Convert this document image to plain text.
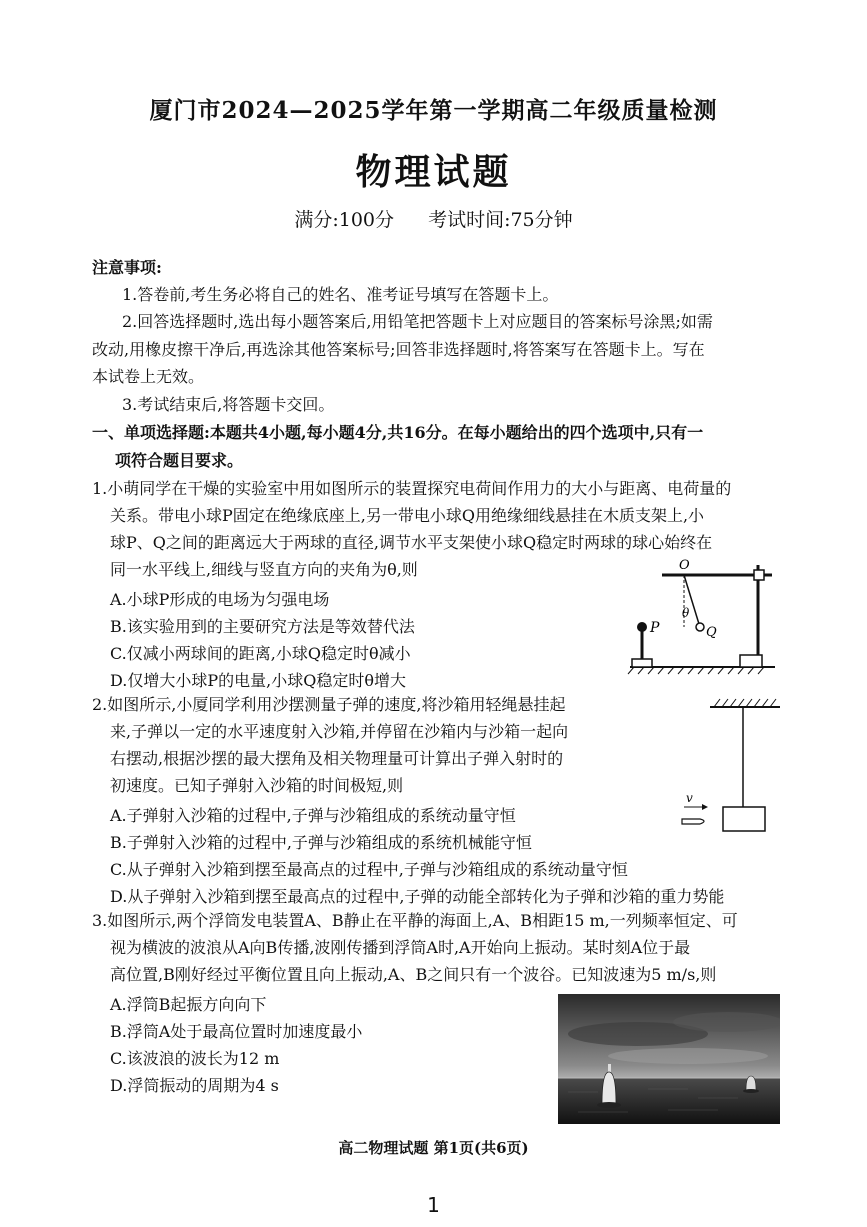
厦门市2024—2025学年第一学期高二年级质量检测
物理试题
满分:100分 考试时间:75分钟
注意事项:
1.答卷前,考生务必将自己的姓名、准考证号填写在答题卡上。
2.回答选择题时,选出每小题答案后,用铅笔把答题卡上对应题目的答案标号涂黑;如需
改动,用橡皮擦干净后,再选涂其他答案标号;回答非选择题时,将答案写在答题卡上。写在
本试卷上无效。
3.考试结束后,将答题卡交回。
一、单项选择题:本题共4小题,每小题4分,共16分。在每小题给出的四个选项中,只有一
项符合题目要求。
1.小萌同学在干燥的实验室中用如图所示的装置探究电荷间作用力的大小与距离、电荷量的
关系。带电小球P固定在绝缘底座上,另一带电小球Q用绝缘细线悬挂在木质支架上,小
球P、Q之间的距离远大于两球的直径,调节水平支架使小球Q稳定时两球的球心始终在
同一水平线上,细线与竖直方向的夹角为θ,则
A.小球P形成的电场为匀强电场
B.该实验用到的主要研究方法是等效替代法
C.仅减小两球间的距离,小球Q稳定时θ减小
D.仅增大小球P的电量,小球Q稳定时θ增大
P
O
Q
θ
2.如图所示,小厦同学利用沙摆测量子弹的速度,将沙箱用轻绳悬挂起
来,子弹以一定的水平速度射入沙箱,并停留在沙箱内与沙箱一起向
右摆动,根据沙摆的最大摆角及相关物理量可计算出子弹入射时的
初速度。已知子弹射入沙箱的时间极短,则
A.子弹射入沙箱的过程中,子弹与沙箱组成的系统动量守恒
B.子弹射入沙箱的过程中,子弹与沙箱组成的系统机械能守恒
C.从子弹射入沙箱到摆至最高点的过程中,子弹与沙箱组成的系统动量守恒
D.从子弹射入沙箱到摆至最高点的过程中,子弹的动能全部转化为子弹和沙箱的重力势能
v
3.如图所示,两个浮筒发电装置A、B静止在平静的海面上,A、B相距15 m,一列频率恒定、可
视为横波的波浪从A向B传播,波刚传播到浮筒A时,A开始向上振动。某时刻A位于最
高位置,B刚好经过平衡位置且向上振动,A、B之间只有一个波谷。已知波速为5 m/s,则
A.浮筒B起振方向向下
B.浮筒A处于最高位置时加速度最小
C.该波浪的波长为12 m
D.浮筒振动的周期为4 s
高二物理试题 第1页(共6页)
1
